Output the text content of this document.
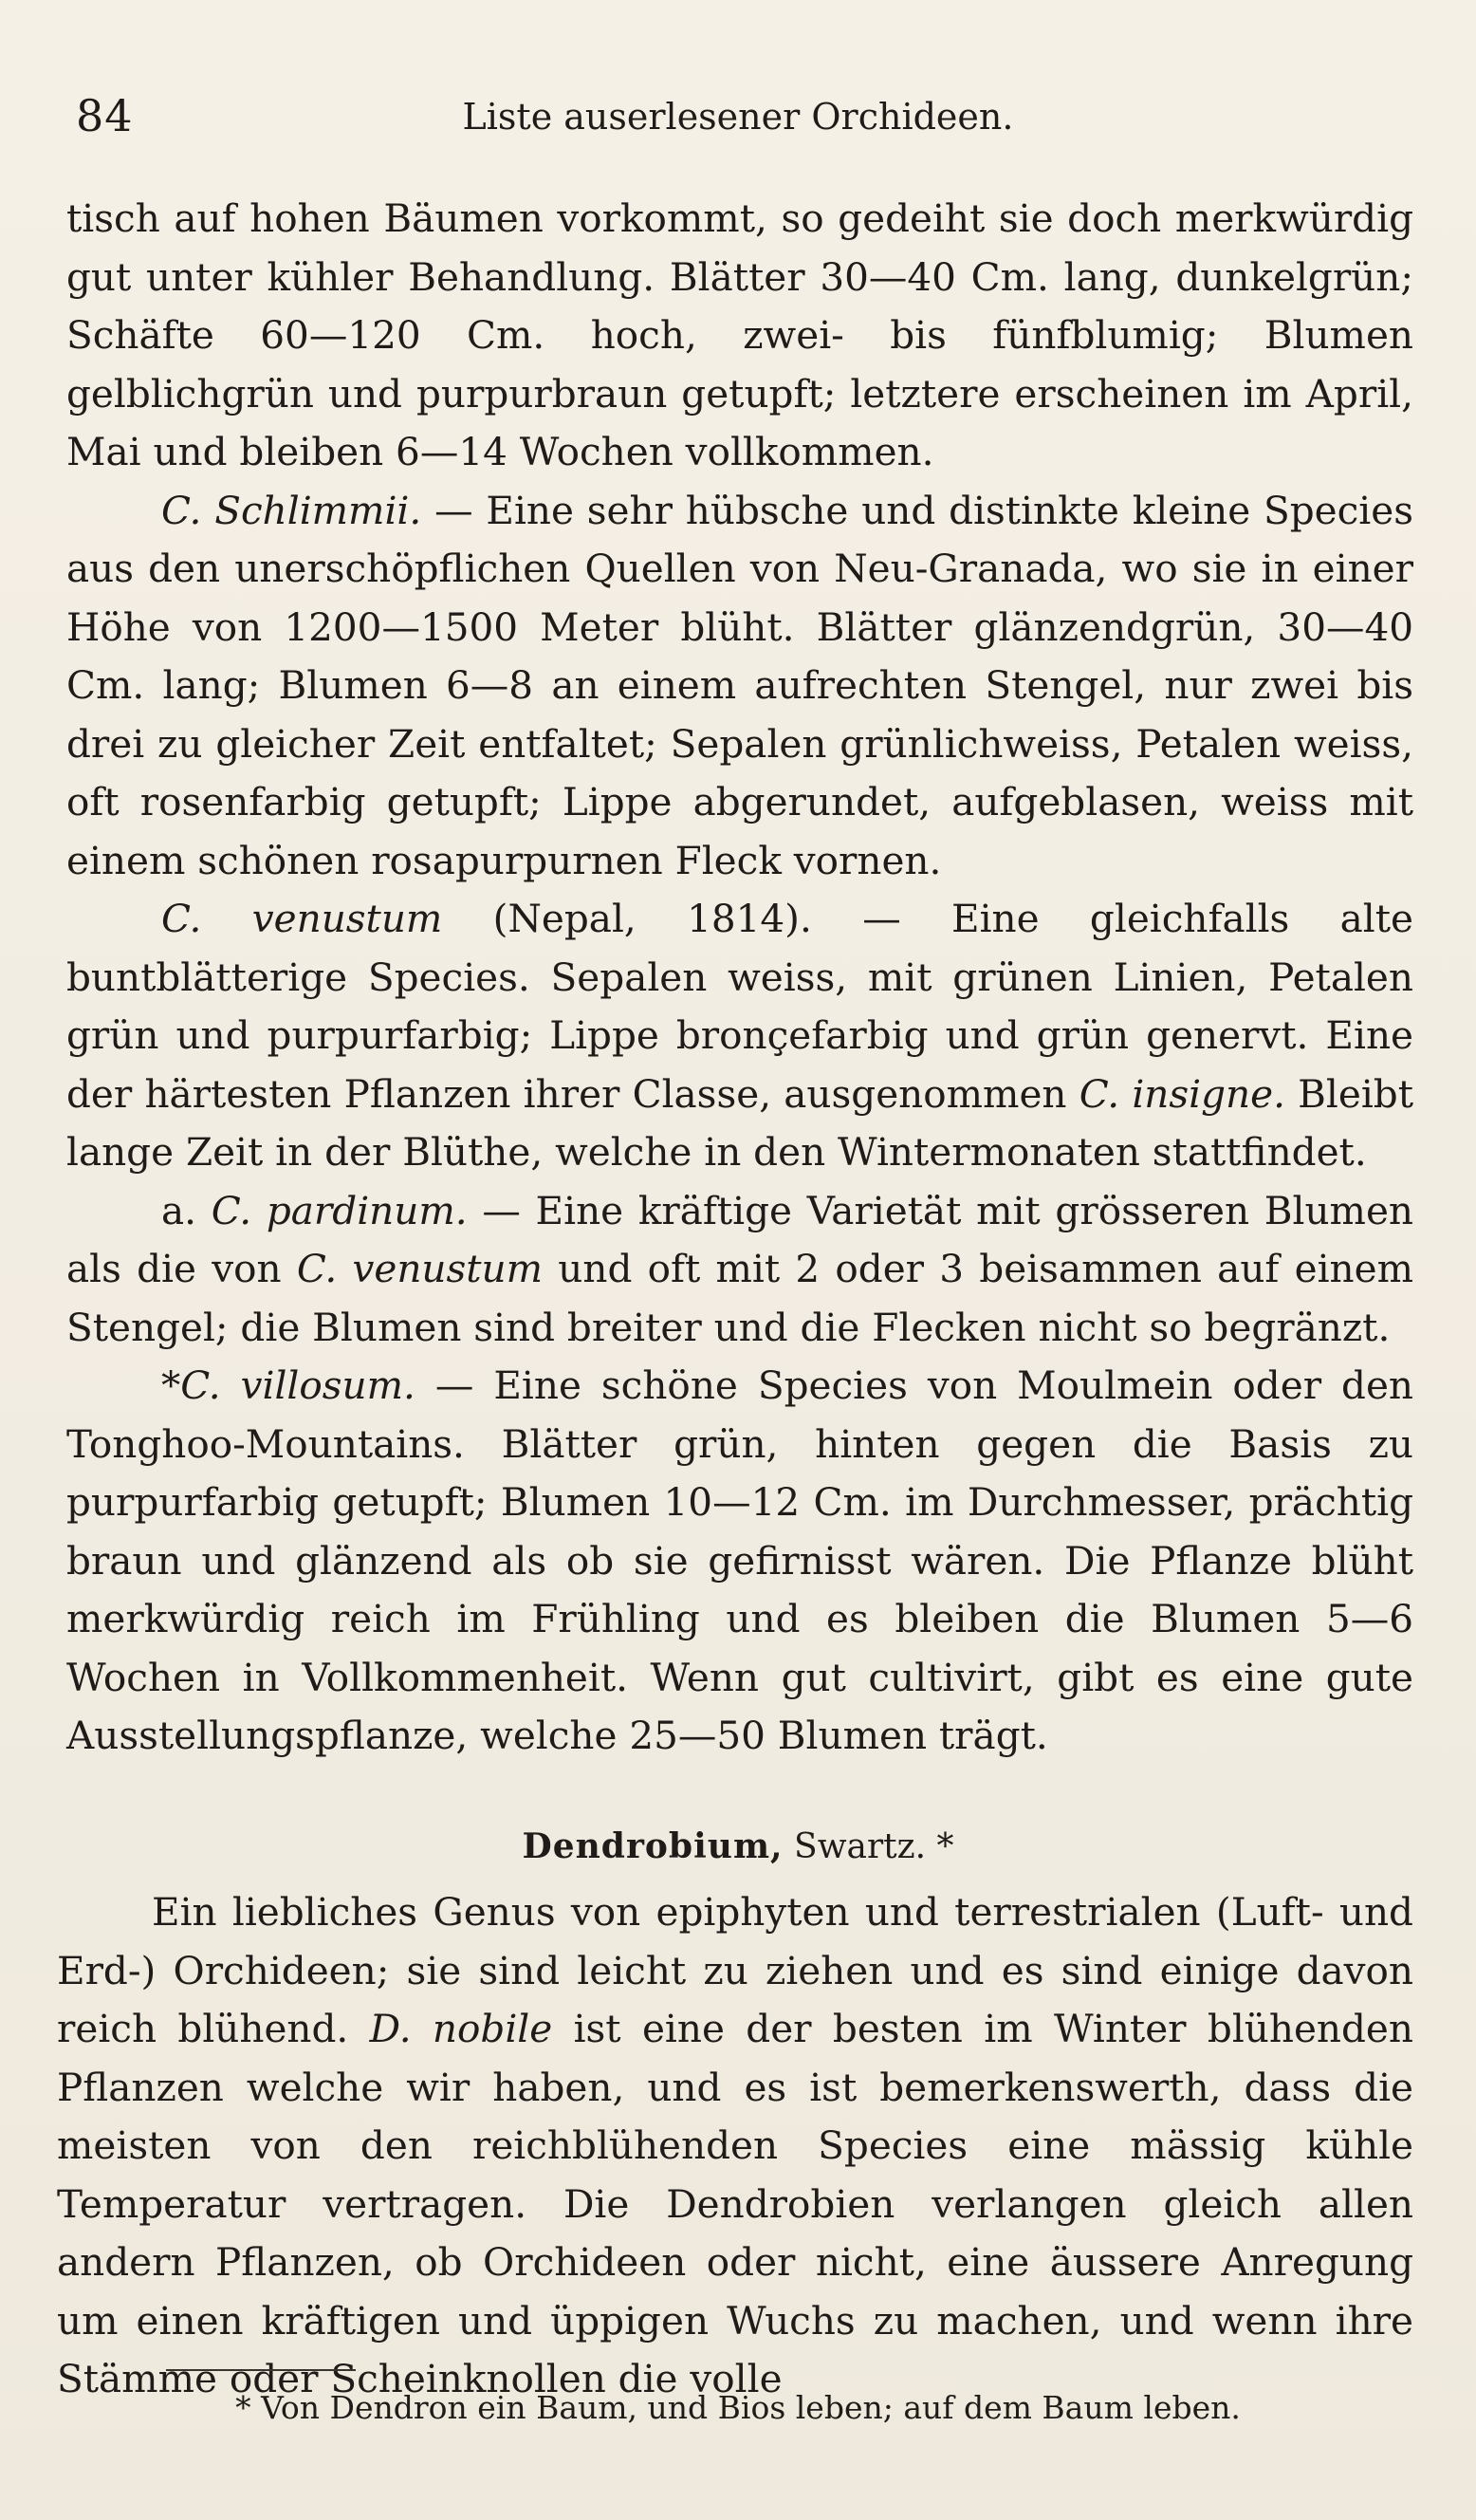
84	Liste auserlesener Orchideen.

tisch auf hohen Bäumen vorkommt, so gedeiht sie doch merkwürdig gut unter kühler Behandlung. Blätter 30—40 Cm. lang, dunkelgrün; Schäfte 60—120 Cm. hoch, zwei- bis fünfblumig; Blumen gelblichgrün und purpurbraun getupft; letztere erscheinen im April, Mai und bleiben 6—14 Wochen vollkommen.

C. Schlimmii. — Eine sehr hübsche und distinkte kleine Species aus den unerschöpflichen Quellen von Neu-Granada, wo sie in einer Höhe von 1200—1500 Meter blüht. Blätter glänzendgrün, 30—40 Cm. lang; Blumen 6—8 an einem aufrechten Stengel, nur zwei bis drei zu gleicher Zeit entfaltet; Sepalen grünlichweiss, Petalen weiss, oft rosenfarbig getupft; Lippe abgerundet, aufgeblasen, weiss mit einem schönen rosapurpurnen Fleck vornen.

C. venustum (Nepal, 1814). — Eine gleichfalls alte buntblätterige Species. Sepalen weiss, mit grünen Linien, Petalen grün und purpurfarbig; Lippe bronçefarbig und grün genervt. Eine der härtesten Pflanzen ihrer Classe, ausgenommen C. insigne. Bleibt lange Zeit in der Blüthe, welche in den Wintermonaten stattfindet.

a. C. pardinum. — Eine kräftige Varietät mit grösseren Blumen als die von C. venustum und oft mit 2 oder 3 beisammen auf einem Stengel; die Blumen sind breiter und die Flecken nicht so begränzt.

*C. villosum. — Eine schöne Species von Moulmein oder den Tonghoo-Mountains. Blätter grün, hinten gegen die Basis zu purpurfarbig getupft; Blumen 10—12 Cm. im Durchmesser, prächtig braun und glänzend als ob sie gefirnisst wären. Die Pflanze blüht merkwürdig reich im Frühling und es bleiben die Blumen 5—6 Wochen in Vollkommenheit. Wenn gut cultivirt, gibt es eine gute Ausstellungspflanze, welche 25—50 Blumen trägt.

Dendrobium, Swartz. *

Ein liebliches Genus von epiphyten und terrestrialen (Luft- und Erd-) Orchideen; sie sind leicht zu ziehen und es sind einige davon reich blühend. D. nobile ist eine der besten im Winter blühenden Pflanzen welche wir haben, und es ist bemerkenswerth, dass die meisten von den reichblühenden Species eine mässig kühle Temperatur vertragen. Die Dendrobien verlangen gleich allen andern Pflanzen, ob Orchideen oder nicht, eine äussere Anregung um einen kräftigen und üppigen Wuchs zu machen, und wenn ihre Stämme oder Scheinknollen die volle

* Von Dendron ein Baum, und Bios leben; auf dem Baum leben.
